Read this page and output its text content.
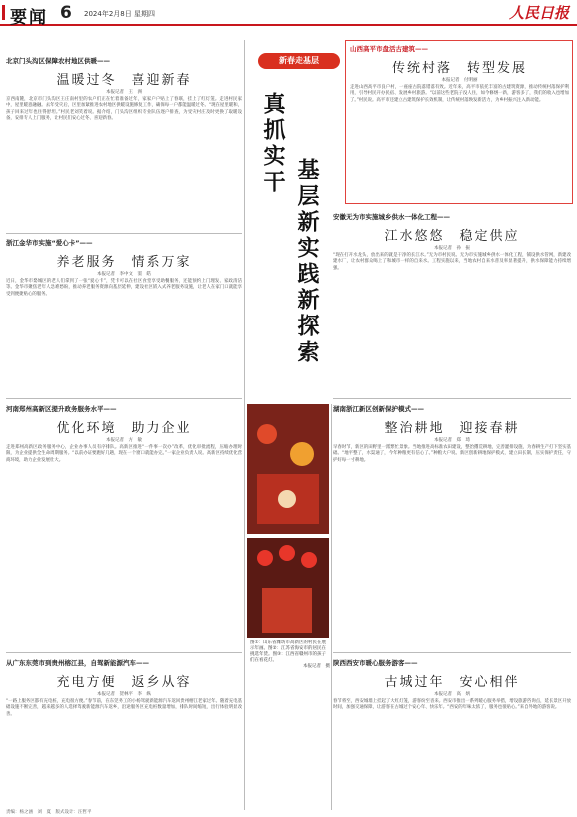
要闻 6 2024年2月8日 星期四	人民日报
北京门头沟区保障农村地区供暖——
温暖过冬　喜迎新春
本报记者　王　洲
京西南麓，北京市门头沟区王庄南村里的农户们正在忙着准备过年，家家户户贴上了春联，挂上了红灯笼。走进村民家中，屋里暖意融融。去年受灾后，区里加紧推进农村地区供暖设施修复工作，确保每一户都能温暖过冬。“现在屋里暖和，孩子回来过年也住得舒坦。”村民老刘笑着说。据介绍，门头沟区组织专业队伍逐户排查，为受灾村庄及时更换了取暖设备，安排专人上门服务，让村民们安心过冬、喜迎新春。
新春走基层
真抓实干
基层新实践新探索
山西高平市盘活古建筑——
传统村落　转型发展
本报记者　付明丽
走进山西高平市良户村，一座座古院落错落有致。近年来，高平市依托丰富的古建筑资源，推动传统村落保护利用，引导村民开办民宿、发展乡村旅游。“以前这些老院子没人住，如今修缮一新，游客多了，我们的收入也增加了。”村民说。高平市还建立古建筑保护长效机制，让传统村落焕发新活力，为乡村振兴注入新动能。
浙江金华市实施“爱心卡”——
养老服务　情系万家
本报记者　李中文　窦　皓
近日，金华市婺城区的老人们拿到了一张“爱心卡”，凭卡可以在社区食堂享受助餐服务，还能预约上门理发、家政清洁等。金华市聚焦老年人急难愁盼，推动养老服务资源向基层延伸，建设社区嵌入式养老服务设施，让老人在家门口就能享受到便捷贴心的服务。
安徽无为市实施城乡供水一体化工程——
江水悠悠　稳定供应
本报记者　孙　振
“现在打开水龙头，放出来的就是干净的长江水。”无为市村民说。无为市实施城乡供水一体化工程，铺设供水管网，新建改建水厂，让农村群众喝上了和城市一样的自来水。工程实施以来，当地农村自来水普及率显著提升，供水保障能力持续增强。
河南郑州高新区提升政务服务水平——
优化环境　助力企业
本报记者　方　敏
走进郑州高新区政务服务中心，企业办事人员有序排队。高新区推进“一件事一次办”改革，优化审批流程，压缩办理时限，为企业提供全生命周期服务。“以前办证要跑好几趟，现在一个窗口就能办完。”一家企业负责人说。高新区持续优化营商环境，助力企业发展壮大。
湖南浙江新区创新保护模式——
整治耕地　迎接春耕
本报记者　郑　琦
早春时节，新区的田野里一派繁忙景象。当地推进高标准农田建设，整治撂荒耕地，完善灌排设施，为春耕生产打下坚实基础。“地平整了，水渠通了，今年种粮更有信心了。”种粮大户说。新区创新耕地保护模式，建立田长制，压实保护责任，守护好每一寸耕地。
图①：山东省潍坊市高新区的村民在展示年画。图②：江苏省海安市的居民在挑选年货。图③：江西省赣州市的孩子们在看花灯。
本报记者　摄
从广东东莞市到贵州榕江县，自驾新能源汽车——
充电方便　返乡从容
本报记者　贺林平　李　纵
“一路上服务区都有充电桩，充电很方便。”春节前，在东莞务工的小杨驾驶新能源汽车返回贵州榕江老家过年。随着充电基础设施不断完善，越来越多的人选择驾驶新能源汽车返乡，沿途服务区充电桩数量增加，排队时间缩短，出行体验明显改善。
陕西西安市暖心服务游客——
古城过年　安心相伴
本报记者　高　炳
春节将至，西安城墙上挂起了大红灯笼，游客纷至沓来。西安市推出一系列暖心服务举措，增设旅游咨询点，延长景区开放时间，加强交通保障，让游客在古城过个安心年、快乐年。“西安的年味太浓了，服务也很贴心。”来自外地的游客说。
责编：杨之涵　刘　夏　版式设计：汪哲平
